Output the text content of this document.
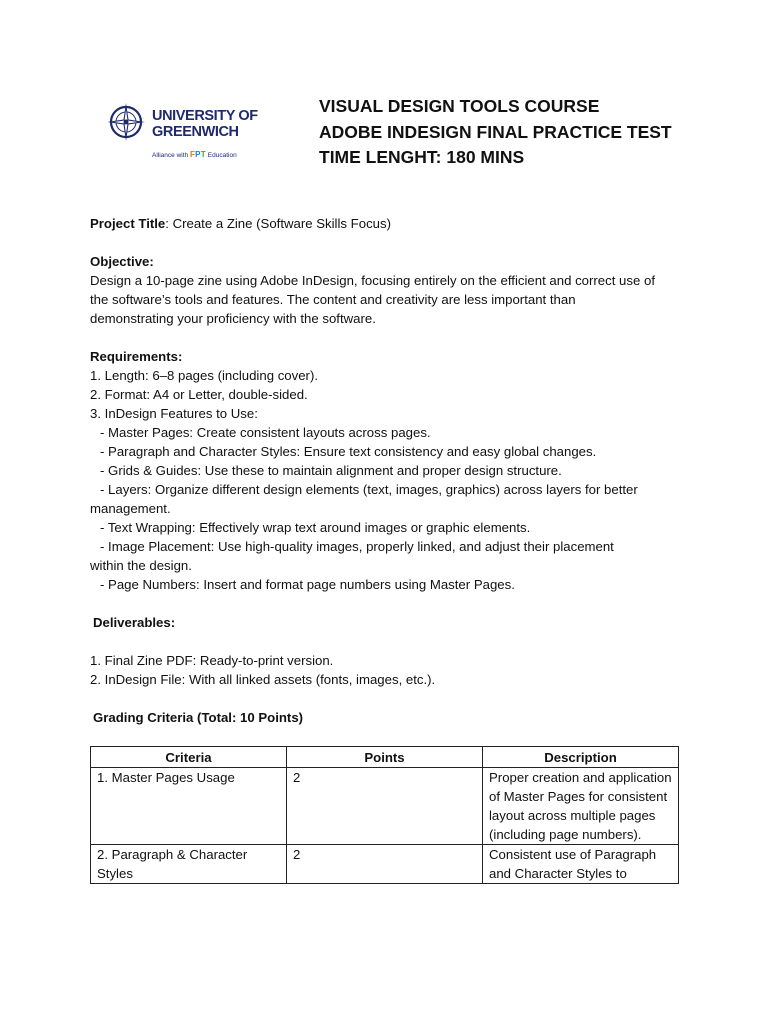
UNIVERSITY OF
GREENWICH
Alliance with FPT Education
VISUAL DESIGN TOOLS COURSE
ADOBE INDESIGN FINAL PRACTICE TEST
TIME LENGHT: 180 MINS

Project Title: Create a Zine (Software Skills Focus)

Objective:

Design a 10-page zine using Adobe InDesign, focusing entirely on the efficient and correct use of

the software’s tools and features. The content and creativity are less important than

demonstrating your proficiency with the software.

Requirements:

1. Length: 6–8 pages (including cover).

2. Format: A4 or Letter, double-sided.

3. InDesign Features to Use:

- Master Pages: Create consistent layouts across pages.

- Paragraph and Character Styles: Ensure text consistency and easy global changes.

- Grids & Guides: Use these to maintain alignment and proper design structure.

- Layers: Organize different design elements (text, images, graphics) across layers for better

management.

- Text Wrapping: Effectively wrap text around images or graphic elements.

- Image Placement: Use high-quality images, properly linked, and adjust their placement

within the design.

- Page Numbers: Insert and format page numbers using Master Pages.

Deliverables:

1. Final Zine PDF: Ready-to-print version.

2. InDesign File: With all linked assets (fonts, images, etc.).

Grading Criteria (Total: 10 Points)

Criteria	Points	Description
1. Master Pages Usage	2	Proper creation and application of Master Pages for consistent layout across multiple pages (including page numbers).
2. Paragraph & Character Styles	2	Consistent use of Paragraph and Character Styles to
